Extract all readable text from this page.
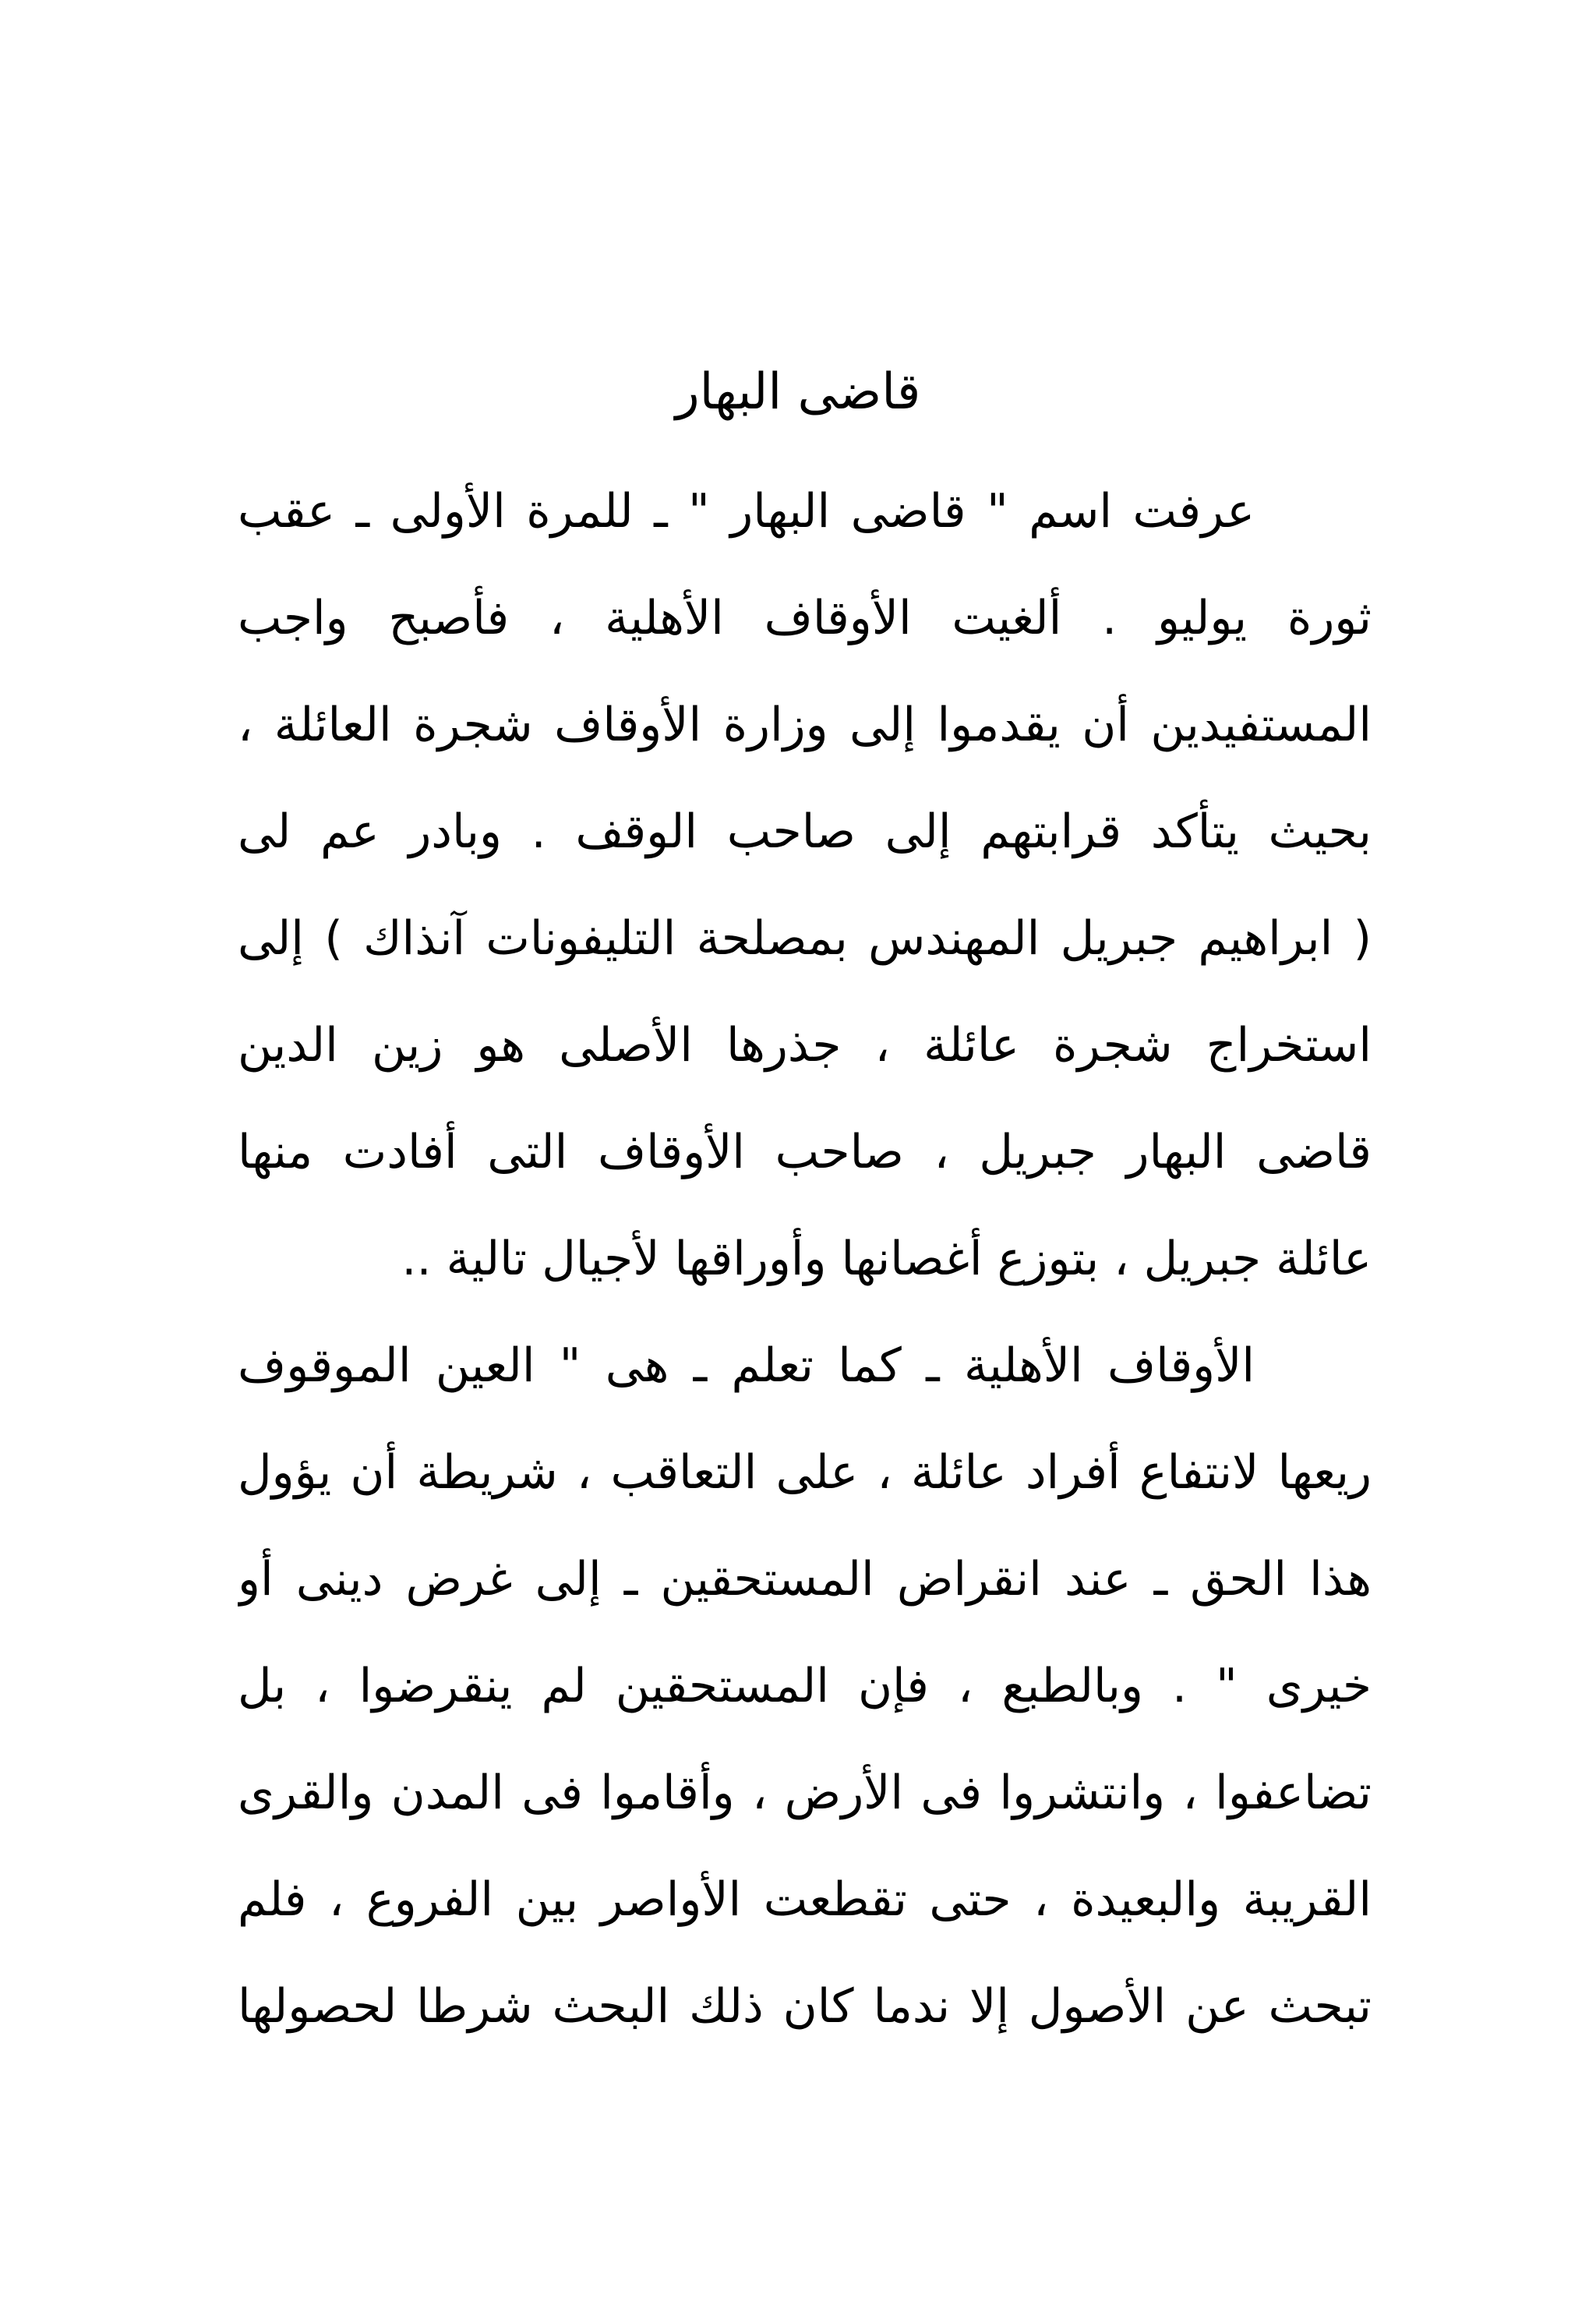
قاضى البهار
عرفت اسم " قاضى البهار " ـ للمرة الأولى ـ عقب
ثورة يوليو . ألغيت الأوقاف الأهلية ، فأصبح واجب
المستفيدين أن يقدموا إلى وزارة الأوقاف شجرة العائلة ،
بحيث يتأكد قرابتهم إلى صاحب الوقف . وبادر عم لى
( ابراهيم جبريل المهندس بمصلحة التليفونات آنذاك ) إلى
استخراج شجرة عائلة ، جذرها الأصلى هو زين الدين
قاضى البهار جبريل ، صاحب الأوقاف التى أفادت منها
عائلة جبريل ، بتوزع أغصانها وأوراقها لأجيال تالية ..
الأوقاف الأهلية ـ كما تعلم ـ هى " العين الموقوف
ريعها لانتفاع أفراد عائلة ، على التعاقب ، شريطة أن يؤول
هذا الحق ـ عند انقراض المستحقين ـ إلى غرض دينى أو
خيرى " . وبالطبع ، فإن المستحقين لم ينقرضوا ، بل
تضاعفوا ، وانتشروا فى الأرض ، وأقاموا فى المدن والقرى
القريبة والبعيدة ، حتى تقطعت الأواصر بين الفروع ، فلم
تبحث عن الأصول إلا ندما كان ذلك البحث شرطا لحصولها
